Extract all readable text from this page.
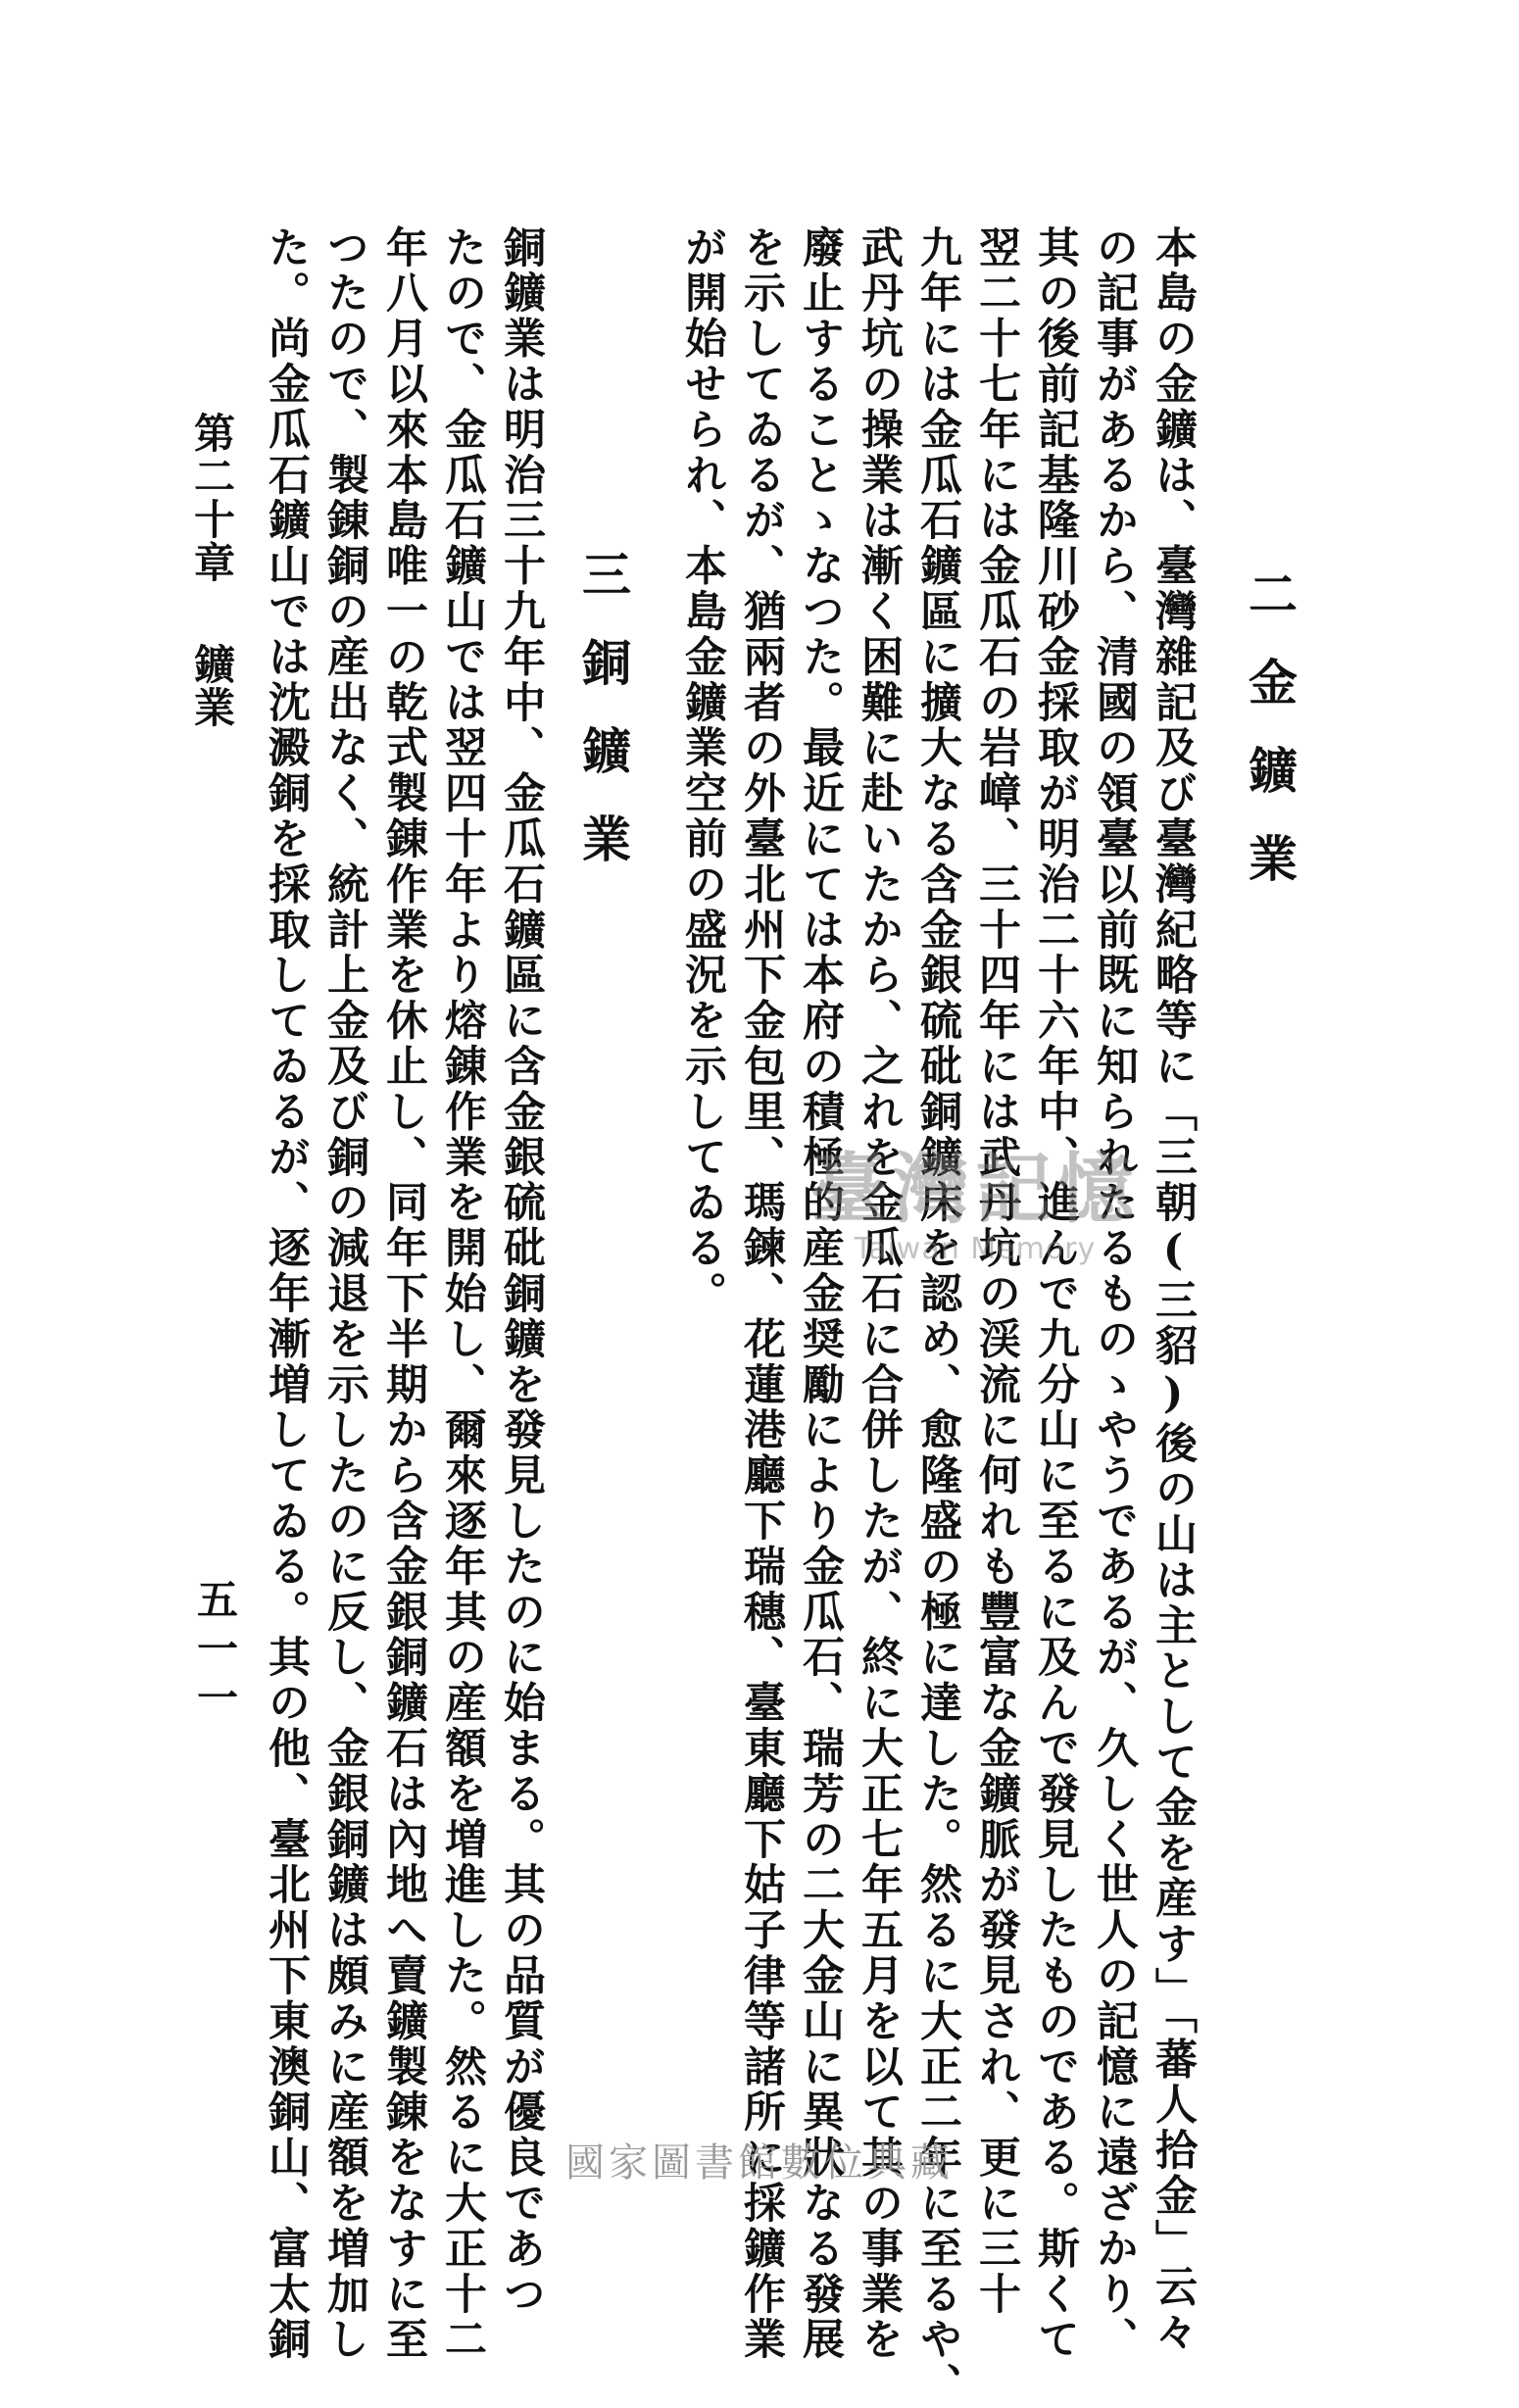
二金鑛業
本島の金鑛は、臺灣雜記及び臺灣紀略等に「三朝(三貂)後の山は主として金を産す」「蕃人拾金」云々
の記事があるから、清國の領臺以前既に知られたるものゝやうであるが、久しく世人の記憶に遠ざかり、
其の後前記基隆川砂金採取が明治二十六年中、進んで九分山に至るに及んで發見したものである。斯くて
翌二十七年には金瓜石の岩嶂、三十四年には武丹坑の渓流に何れも豐富な金鑛脈が發見され、更に三十
九年には金瓜石鑛區に擴大なる含金銀硫砒銅鑛床を認め、愈隆盛の極に達した。然るに大正二年に至るや、
武丹坑の操業は漸く困難に赴いたから、之れを金瓜石に合併したが、終に大正七年五月を以て其の事業を
廢止することゝなつた。最近にては本府の積極的産金奨勵により金瓜石、瑞芳の二大金山に異狀なる發展
を示してゐるが、猶兩者の外臺北州下金包里、瑪鍊、花蓮港廳下瑞穗、臺東廳下姑子律等諸所に採鑛作業
が開始せられ、本島金鑛業空前の盛況を示してゐる。
三銅鑛業
銅鑛業は明治三十九年中、金瓜石鑛區に含金銀硫砒銅鑛を發見したのに始まる。其の品質が優良であつ
たので、金瓜石鑛山では翌四十年より熔錬作業を開始し、爾來逐年其の産額を増進した。然るに大正十二
年八月以來本島唯一の乾式製錬作業を休止し、同年下半期から含金銀銅鑛石は內地へ賣鑛製錬をなすに至
つたので、製錬銅の産出なく、統計上金及び銅の減退を示したのに反し、金銀銅鑛は頗みに産額を増加し
た。尚金瓜石鑛山では沈澱銅を採取してゐるが、逐年漸増してゐる。其の他、臺北州下東澳銅山、富太銅
第二十章鑛業
五一一
臺灣記憶
Taiwan Memory
國家圖書館數位典藏
